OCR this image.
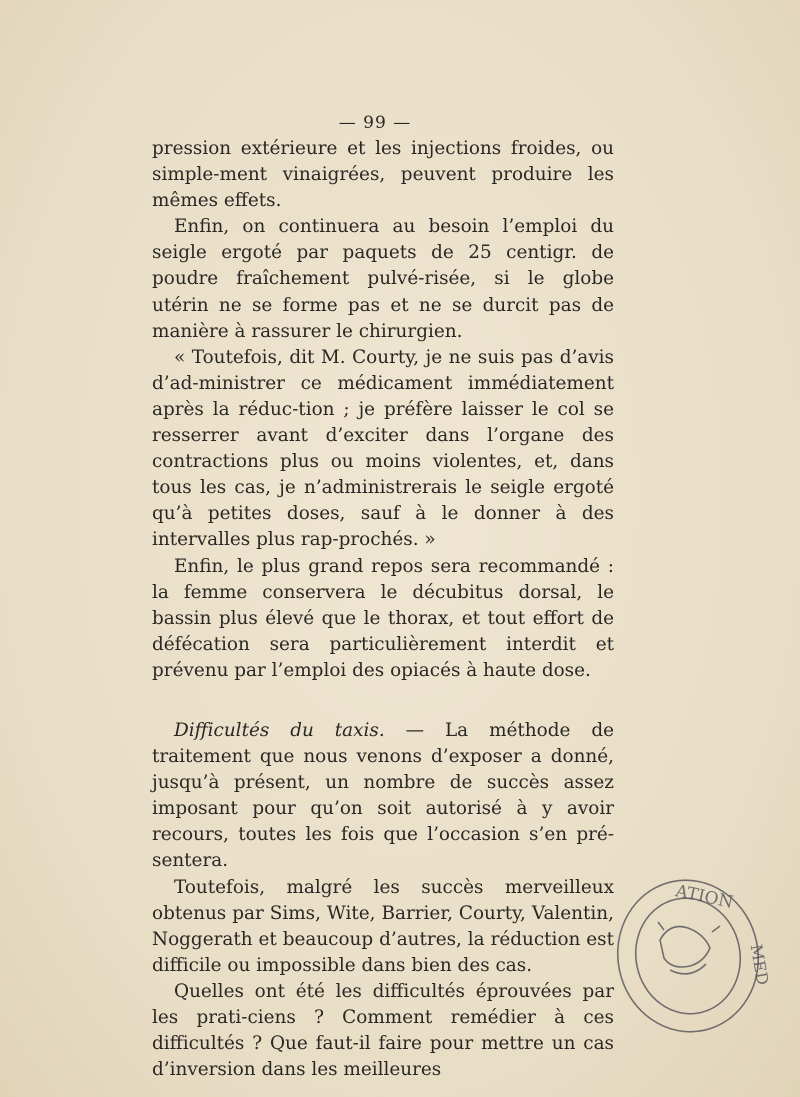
— 99 —

pression extérieure et les injections froides, ou simple-ment vinaigrées, peuvent produire les mêmes effets.

Enfin, on continuera au besoin l’emploi du seigle ergoté par paquets de 25 centigr. de poudre fraîchement pulvé-risée, si le globe utérin ne se forme pas et ne se durcit pas de manière à rassurer le chirurgien.

« Toutefois, dit M. Courty, je ne suis pas d’avis d’ad-ministrer ce médicament immédiatement après la réduc-tion ; je préfère laisser le col se resserrer avant d’exciter dans l’organe des contractions plus ou moins violentes, et, dans tous les cas, je n’administrerais le seigle ergoté qu’à petites doses, sauf à le donner à des intervalles plus rap-prochés. »

Enfin, le plus grand repos sera recommandé : la femme conservera le décubitus dorsal, le bassin plus élevé que le thorax, et tout effort de défécation sera particulièrement interdit et prévenu par l’emploi des opiacés à haute dose.

Difficultés du taxis. — La méthode de traitement que nous venons d’exposer a donné, jusqu’à présent, un nombre de succès assez imposant pour qu’on soit autorisé à y avoir recours, toutes les fois que l’occasion s’en pré-sentera.

Toutefois, malgré les succès merveilleux obtenus par Sims, Wite, Barrier, Courty, Valentin, Noggerath et beaucoup d’autres, la réduction est difficile ou impossible dans bien des cas.

Quelles ont été les difficultés éprouvées par les prati-ciens ? Comment remédier à ces difficultés ? Que faut-il faire pour mettre un cas d’inversion dans les meilleures

ATION
MED
